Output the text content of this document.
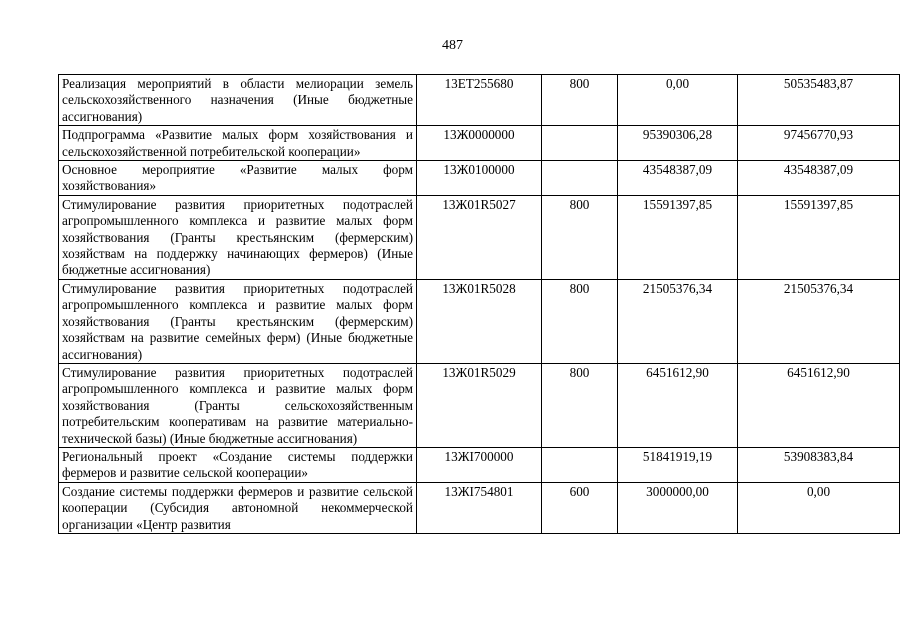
487
Реализация мероприятий в области мелиорации земель сельскохозяйственного назначения (Иные бюджетные ассигнования)	13ЕТ255680	800	0,00	50535483,87
Подпрограмма «Развитие малых форм хозяйствования и сельскохозяйственной потребительской кооперации»	13Ж0000000		95390306,28	97456770,93
Основное мероприятие «Развитие малых форм хозяйствования»	13Ж0100000		43548387,09	43548387,09
Стимулирование развития приоритетных подотраслей агропромышленного комплекса и развитие малых форм хозяйствования (Гранты крестьянским (фермерским) хозяйствам на поддержку начинающих фермеров) (Иные бюджетные ассигнования)	13Ж01R5027	800	15591397,85	15591397,85
Стимулирование развития приоритетных подотраслей агропромышленного комплекса и развитие малых форм хозяйствования (Гранты крестьянским (фермерским) хозяйствам на развитие семейных ферм) (Иные бюджетные ассигнования)	13Ж01R5028	800	21505376,34	21505376,34
Стимулирование развития приоритетных подотраслей агропромышленного комплекса и развитие малых форм хозяйствования (Гранты сельскохозяйственным потребительским кооперативам на развитие материально-технической базы) (Иные бюджетные ассигнования)	13Ж01R5029	800	6451612,90	6451612,90
Региональный проект «Создание системы поддержки фермеров и развитие сельской кооперации»	13ЖI700000		51841919,19	53908383,84
Создание системы поддержки фермеров и развитие сельской кооперации (Субсидия автономной некоммерческой организации «Центр развития	13ЖI754801	600	3000000,00	0,00
